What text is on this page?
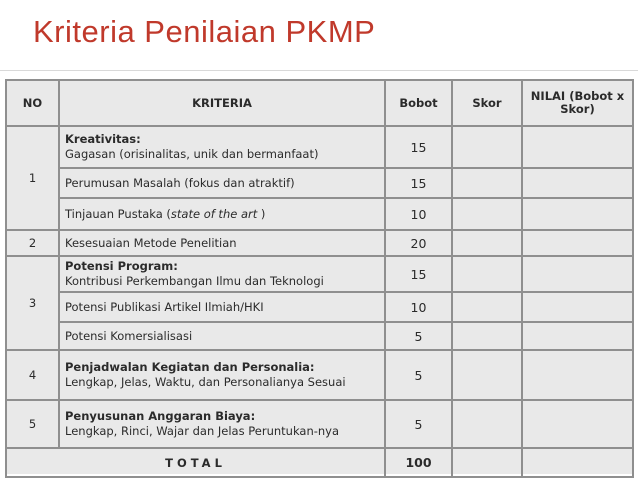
Kriteria Penilaian PKMP
NO	KRITERIA	Bobot	Skor	NILAI (Bobot x Skor)
1	Kreativitas:
Gagasan (orisinalitas, unik dan bermanfaat)	15		

	Perumusan Masalah (fokus dan atraktif)	15		

	Tinjauan Pustaka (state of the art )	10		
2	Kesesuaian Metode Penelitian	20		
3	Potensi Program:
Kontribusi Perkembangan Ilmu dan Teknologi	15		

	Potensi Publikasi Artikel Ilmiah/HKI	10		

	Potensi Komersialisasi	5		
4	Penjadwalan Kegiatan dan Personalia:
Lengkap, Jelas, Waktu, dan Personalianya Sesuai	5		
5	Penyusunan Anggaran Biaya:
Lengkap, Rinci, Wajar dan Jelas Peruntukan-nya	5		
TOTAL		100		
